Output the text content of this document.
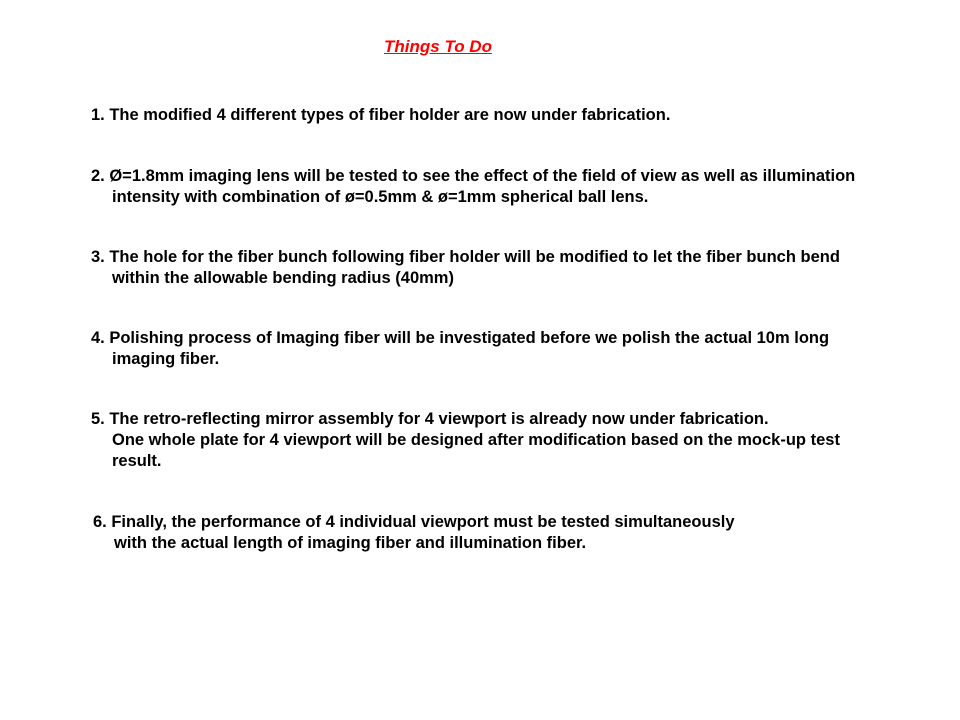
Things To Do
1. The modified 4 different types of fiber holder are now under fabrication.
2. Ø=1.8mm imaging lens will be tested to see the effect of the field of view as well as illumination
intensity with combination of ø=0.5mm & ø=1mm spherical ball lens.
3. The hole for the fiber bunch following fiber holder will be modified to let the fiber bunch bend
within the allowable bending radius (40mm)
4. Polishing process of Imaging fiber will be investigated before we polish the actual 10m long
imaging fiber.
5. The retro-reflecting mirror assembly for 4 viewport is already now under fabrication.
One whole plate for 4 viewport will be designed after modification based on the mock-up test
result.
6. Finally, the performance of 4 individual viewport must be tested simultaneously
with the actual length of imaging fiber and illumination fiber.
